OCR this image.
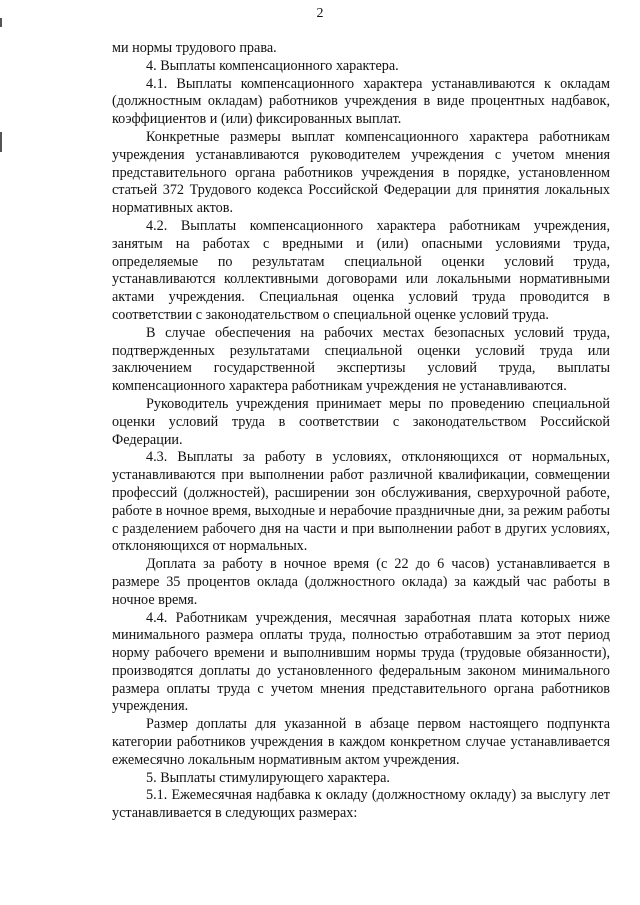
2

ми нормы трудового права.

4. Выплаты компенсационного характера.

4.1. Выплаты компенсационного характера устанавливаются к окладам (должностным окладам) работников учреждения в виде процентных надбавок, коэффициентов и (или) фиксированных выплат.

Конкретные размеры выплат компенсационного характера работникам учреждения устанавливаются руководителем учреждения с учетом мнения представительного органа работников учреждения в порядке, установленном статьей 372 Трудового кодекса Российской Федерации для принятия локальных нормативных актов.

4.2. Выплаты компенсационного характера работникам учреждения, занятым на работах с вредными и (или) опасными условиями труда, определяемые по результатам специальной оценки условий труда, устанавливаются коллективными договорами или локальными нормативными актами учреждения. Специальная оценка условий труда проводится в соответствии с законодательством о специальной оценке условий труда.

В случае обеспечения на рабочих местах безопасных условий труда, подтвержденных результатами специальной оценки условий труда или заключением государственной экспертизы условий труда, выплаты компенсационного характера работникам учреждения не устанавливаются.

Руководитель учреждения принимает меры по проведению специальной оценки условий труда в соответствии с законодательством Российской Федерации.

4.3. Выплаты за работу в условиях, отклоняющихся от нормальных, устанавливаются при выполнении работ различной квалификации, совмещении профессий (должностей), расширении зон обслуживания, сверхурочной работе, работе в ночное время, выходные и нерабочие праздничные дни, за режим работы с разделением рабочего дня на части и при выполнении работ в других условиях, отклоняющихся от нормальных.

Доплата за работу в ночное время (с 22 до 6 часов) устанавливается в размере 35 процентов оклада (должностного оклада) за каждый час работы в ночное время.

4.4. Работникам учреждения, месячная заработная плата которых ниже минимального размера оплаты труда, полностью отработавшим за этот период норму рабочего времени и выполнившим нормы труда (трудовые обязанности), производятся доплаты до установленного федеральным законом минимального размера оплаты труда с учетом мнения представительного органа работников учреждения.

Размер доплаты для указанной в абзаце первом настоящего подпункта категории работников учреждения в каждом конкретном случае устанавливается ежемесячно локальным нормативным актом учреждения.

5. Выплаты стимулирующего характера.

5.1. Ежемесячная надбавка к окладу (должностному окладу) за выслугу лет устанавливается в следующих размерах:
